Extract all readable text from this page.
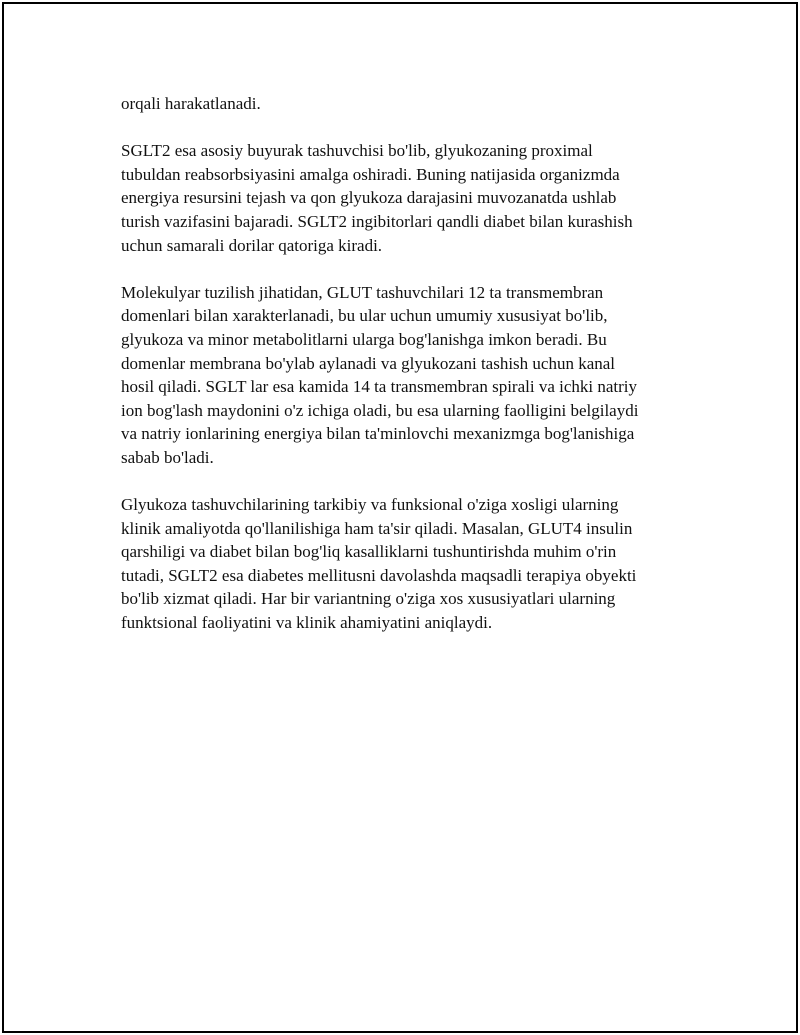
orqali harakatlanadi.

SGLT2 esa asosiy buyurak tashuvchisi bo'lib, glyukozaning proximal
tubuldan reabsorbsiyasini amalga oshiradi. Buning natijasida organizmda
energiya resursini tejash va qon glyukoza darajasini muvozanatda ushlab
turish vazifasini bajaradi. SGLT2 ingibitorlari qandli diabet bilan kurashish
uchun samarali dorilar qatoriga kiradi.

Molekulyar tuzilish jihatidan, GLUT tashuvchilari 12 ta transmembran
domenlari bilan xarakterlanadi, bu ular uchun umumiy xususiyat bo'lib,
glyukoza va minor metabolitlarni ularga bog'lanishga imkon beradi. Bu
domenlar membrana bo'ylab aylanadi va glyukozani tashish uchun kanal
hosil qiladi. SGLT lar esa kamida 14 ta transmembran spirali va ichki natriy
ion bog'lash maydonini o'z ichiga oladi, bu esa ularning faolligini belgilaydi
va natriy ionlarining energiya bilan ta'minlovchi mexanizmga bog'lanishiga
sabab bo'ladi.

Glyukoza tashuvchilarining tarkibiy va funksional o'ziga xosligi ularning
klinik amaliyotda qo'llanilishiga ham ta'sir qiladi. Masalan, GLUT4 insulin
qarshiligi va diabet bilan bog'liq kasalliklarni tushuntirishda muhim o'rin
tutadi, SGLT2 esa diabetes mellitusni davolashda maqsadli terapiya obyekti
bo'lib xizmat qiladi. Har bir variantning o'ziga xos xususiyatlari ularning
funktsional faoliyatini va klinik ahamiyatini aniqlaydi.
